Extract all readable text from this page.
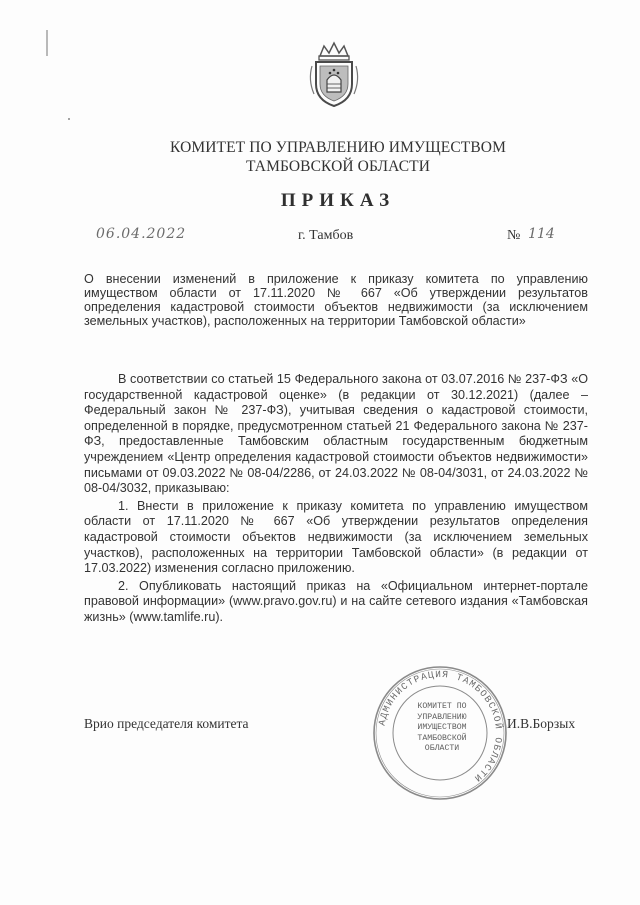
КОМИТЕТ ПО УПРАВЛЕНИЮ ИМУЩЕСТВОМ
ТАМБОВСКОЙ ОБЛАСТИ
ПРИКАЗ
06.04.2022	г. Тамбов	№ 114
О внесении изменений в приложение к приказу комитета по управлению имуществом области от 17.11.2020 № 667 «Об утверждении результатов определения кадастровой стоимости объектов недвижимости (за исключением земельных участков), расположенных на территории Тамбовской области»

В соответствии со статьей 15 Федерального закона от 03.07.2016 № 237-ФЗ «О государственной кадастровой оценке» (в редакции от 30.12.2021) (далее – Федеральный закон № 237-ФЗ), учитывая сведения о кадастровой стоимости, определенной в порядке, предусмотренном статьей 21 Федерального закона № 237-ФЗ, предоставленные Тамбовским областным государственным бюджетным учреждением «Центр определения кадастровой стоимости объектов недвижимости» письмами от 09.03.2022 № 08-04/2286, от 24.03.2022 № 08-04/3031, от 24.03.2022 № 08-04/3032, приказываю:

1. Внести в приложение к приказу комитета по управлению имуществом области от 17.11.2020 № 667 «Об утверждении результатов определения кадастровой стоимости объектов недвижимости (за исключением земельных участков), расположенных на территории Тамбовской области» (в редакции от 17.03.2022) изменения согласно приложению.

2. Опубликовать настоящий приказ на «Официальном интернет-портале правовой информации» (www.pravo.gov.ru) и на сайте сетевого издания «Тамбовская жизнь» (www.tamlife.ru).

Врио председателя комитета	АДМИНИСТРАЦИЯ ТАМБОВСКОЙ ОБЛАСТИ
КОМИТЕТ ПО УПРАВЛЕНИЮ ИМУЩЕСТВОМ ТАМБОВСКОЙ ОБЛАСТИ
И.В.Борзых
